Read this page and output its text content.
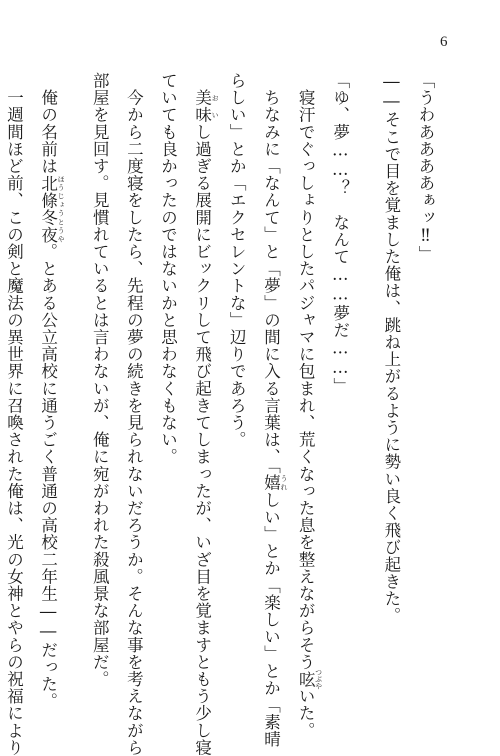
6
「うわああああぁッ‼」
――そこで目を覚ました俺は、跳ね上がるように勢い良く飛び起きた。
「ゆ、夢……？　なんて……夢だ……」
　寝汗でぐっしょりとしたパジャマに包まれ、荒くなった息を整えながらそう呟 つぶやいた。
　ちなみに「なんて」と「夢」の間に入る言葉は、「嬉 うれしい」とか「楽しい」とか「素晴
らしい」とか「エクセレントな」辺りであろう。
　美味 おいし過ぎる展開にビックリして飛び起きてしまったが、いざ目を覚ますともう少し寝
ていても良かったのではないかと思わなくもない。
　今から二度寝をしたら、先程の夢の続きを見られないだろうか。そんな事を考えながら
部屋を見回す。見慣れているとは言わないが、俺に宛がわれた殺風景な部屋だ。
　俺の名前は北條冬夜 ほうじょうとうや。とある公立高校に通うごく普通の高校二年生――だった。
　一週間ほど前、この剣と魔法の異世界に召喚された俺は、光の女神とやらの祝福により
